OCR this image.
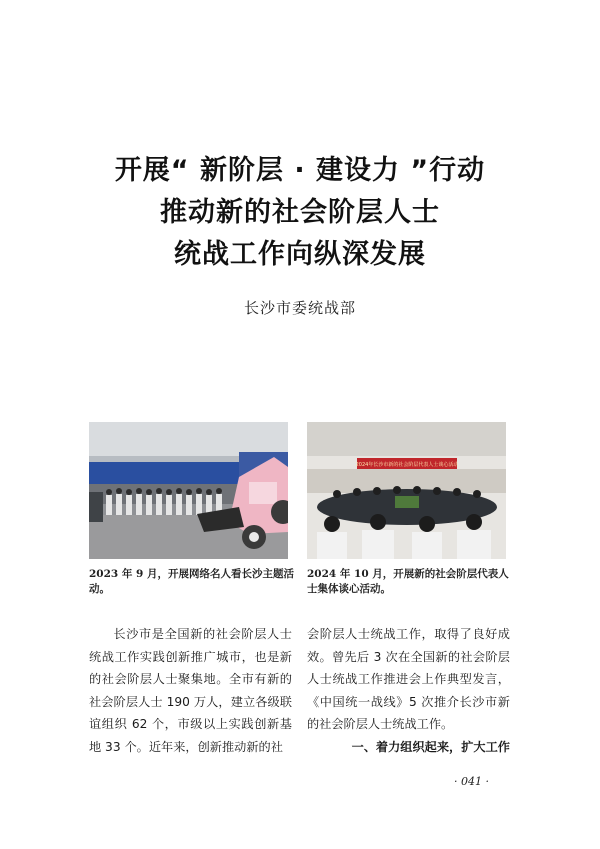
开展“ 新阶层 · 建设力 ”行动
推动新的社会阶层人士
统战工作向纵深发展
长沙市委统战部
2024年长沙市新的社会阶层代表人士谈心活动
2023 年 9 月，开展网络名人看长沙主题活动。
2024 年 10 月，开展新的社会阶层代表人士集体谈心活动。

长沙市是全国新的社会阶层人士统战工作实践创新推广城市，也是新的社会阶层人士聚集地。全市有新的社会阶层人士 190 万人，建立各级联谊组织 62 个，市级以上实践创新基地 33 个。近年来，创新推动新的社

会阶层人士统战工作，取得了良好成效。曾先后 3 次在全国新的社会阶层人士统战工作推进会上作典型发言，《中国统一战线》5 次推介长沙市新的社会阶层人士统战工作。

一、着力组织起来，扩大工作

· 041 ·
